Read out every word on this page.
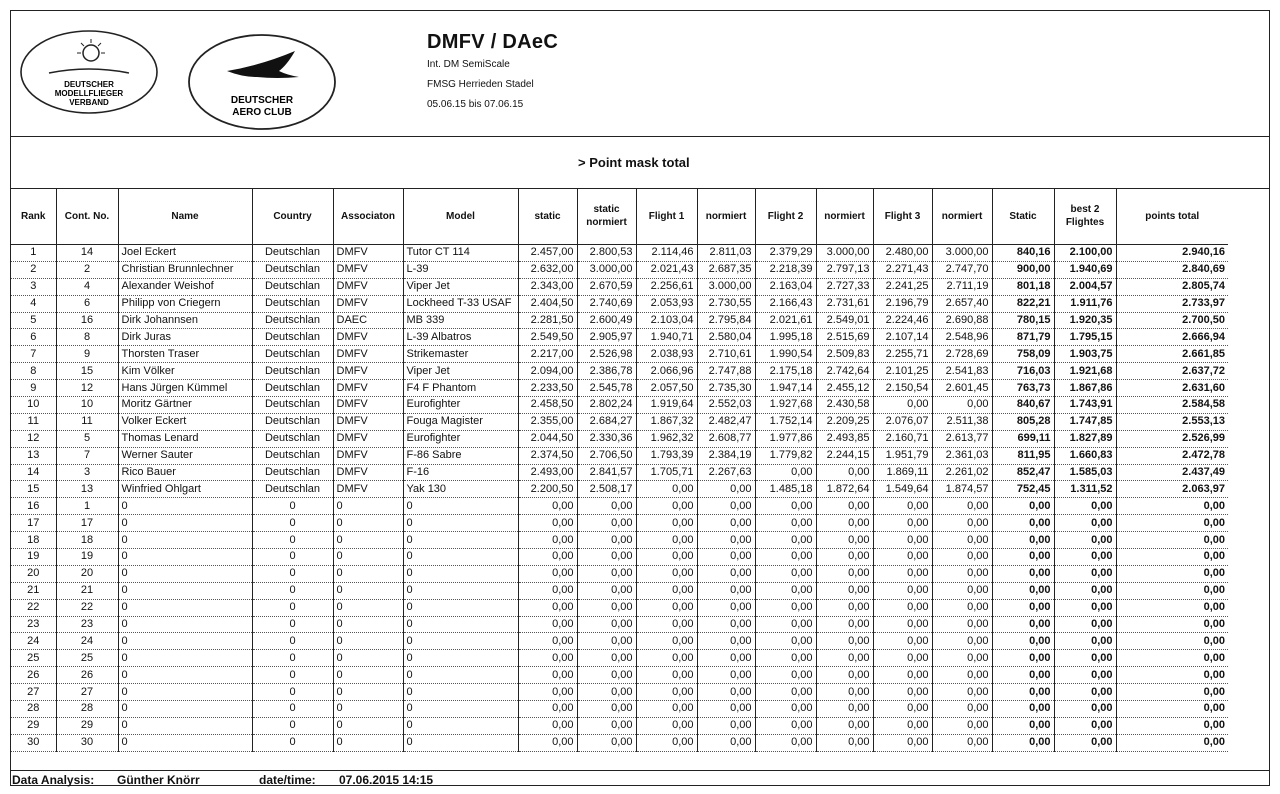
DEUTSCHER
MODELLFLIEGER
VERBAND	DEUTSCHER
AERO CLUB
DMFV / DAeC
Int. DM SemiScale
FMSG Herrieden Stadel
05.06.15 bis 07.06.15
> Point mask total
Rank	Cont. No.	Name	Country	Associaton	Model	static	static normiert	Flight 1	normiert	Flight 2	normiert	Flight 3	normiert	Static	best 2 Flightes	points total
1	14	Joel Eckert	Deutschlan	DMFV	Tutor CT 114	2.457,00	2.800,53	2.114,46	2.811,03	2.379,29	3.000,00	2.480,00	3.000,00	840,16	2.100,00	2.940,16
2	2	Christian Brunnlechner	Deutschlan	DMFV	L-39	2.632,00	3.000,00	2.021,43	2.687,35	2.218,39	2.797,13	2.271,43	2.747,70	900,00	1.940,69	2.840,69
3	4	Alexander Weishof	Deutschlan	DMFV	Viper Jet	2.343,00	2.670,59	2.256,61	3.000,00	2.163,04	2.727,33	2.241,25	2.711,19	801,18	2.004,57	2.805,74
4	6	Philipp von Criegern	Deutschlan	DMFV	Lockheed T-33 USAF	2.404,50	2.740,69	2.053,93	2.730,55	2.166,43	2.731,61	2.196,79	2.657,40	822,21	1.911,76	2.733,97
5	16	Dirk Johannsen	Deutschlan	DAEC	MB 339	2.281,50	2.600,49	2.103,04	2.795,84	2.021,61	2.549,01	2.224,46	2.690,88	780,15	1.920,35	2.700,50
6	8	Dirk Juras	Deutschlan	DMFV	L-39 Albatros	2.549,50	2.905,97	1.940,71	2.580,04	1.995,18	2.515,69	2.107,14	2.548,96	871,79	1.795,15	2.666,94
7	9	Thorsten Traser	Deutschlan	DMFV	Strikemaster	2.217,00	2.526,98	2.038,93	2.710,61	1.990,54	2.509,83	2.255,71	2.728,69	758,09	1.903,75	2.661,85
8	15	Kim Völker	Deutschlan	DMFV	Viper Jet	2.094,00	2.386,78	2.066,96	2.747,88	2.175,18	2.742,64	2.101,25	2.541,83	716,03	1.921,68	2.637,72
9	12	Hans Jürgen Kümmel	Deutschlan	DMFV	F4 F Phantom	2.233,50	2.545,78	2.057,50	2.735,30	1.947,14	2.455,12	2.150,54	2.601,45	763,73	1.867,86	2.631,60
10	10	Moritz Gärtner	Deutschlan	DMFV	Eurofighter	2.458,50	2.802,24	1.919,64	2.552,03	1.927,68	2.430,58	0,00	0,00	840,67	1.743,91	2.584,58
11	11	Volker Eckert	Deutschlan	DMFV	Fouga Magister	2.355,00	2.684,27	1.867,32	2.482,47	1.752,14	2.209,25	2.076,07	2.511,38	805,28	1.747,85	2.553,13
12	5	Thomas Lenard	Deutschlan	DMFV	Eurofighter	2.044,50	2.330,36	1.962,32	2.608,77	1.977,86	2.493,85	2.160,71	2.613,77	699,11	1.827,89	2.526,99
13	7	Werner Sauter	Deutschlan	DMFV	F-86 Sabre	2.374,50	2.706,50	1.793,39	2.384,19	1.779,82	2.244,15	1.951,79	2.361,03	811,95	1.660,83	2.472,78
14	3	Rico Bauer	Deutschlan	DMFV	F-16	2.493,00	2.841,57	1.705,71	2.267,63	0,00	0,00	1.869,11	2.261,02	852,47	1.585,03	2.437,49
15	13	Winfried Ohlgart	Deutschlan	DMFV	Yak 130	2.200,50	2.508,17	0,00	0,00	1.485,18	1.872,64	1.549,64	1.874,57	752,45	1.311,52	2.063,97
16	1	0	0	0	0	0,00	0,00	0,00	0,00	0,00	0,00	0,00	0,00	0,00	0,00	0,00
17	17	0	0	0	0	0,00	0,00	0,00	0,00	0,00	0,00	0,00	0,00	0,00	0,00	0,00
18	18	0	0	0	0	0,00	0,00	0,00	0,00	0,00	0,00	0,00	0,00	0,00	0,00	0,00
19	19	0	0	0	0	0,00	0,00	0,00	0,00	0,00	0,00	0,00	0,00	0,00	0,00	0,00
20	20	0	0	0	0	0,00	0,00	0,00	0,00	0,00	0,00	0,00	0,00	0,00	0,00	0,00
21	21	0	0	0	0	0,00	0,00	0,00	0,00	0,00	0,00	0,00	0,00	0,00	0,00	0,00
22	22	0	0	0	0	0,00	0,00	0,00	0,00	0,00	0,00	0,00	0,00	0,00	0,00	0,00
23	23	0	0	0	0	0,00	0,00	0,00	0,00	0,00	0,00	0,00	0,00	0,00	0,00	0,00
24	24	0	0	0	0	0,00	0,00	0,00	0,00	0,00	0,00	0,00	0,00	0,00	0,00	0,00
25	25	0	0	0	0	0,00	0,00	0,00	0,00	0,00	0,00	0,00	0,00	0,00	0,00	0,00
26	26	0	0	0	0	0,00	0,00	0,00	0,00	0,00	0,00	0,00	0,00	0,00	0,00	0,00
27	27	0	0	0	0	0,00	0,00	0,00	0,00	0,00	0,00	0,00	0,00	0,00	0,00	0,00
28	28	0	0	0	0	0,00	0,00	0,00	0,00	0,00	0,00	0,00	0,00	0,00	0,00	0,00
29	29	0	0	0	0	0,00	0,00	0,00	0,00	0,00	0,00	0,00	0,00	0,00	0,00	0,00
30	30	0	0	0	0	0,00	0,00	0,00	0,00	0,00	0,00	0,00	0,00	0,00	0,00	0,00
Data Analysis: Günther Knörr	date/time: 07.06.2015 14:15
